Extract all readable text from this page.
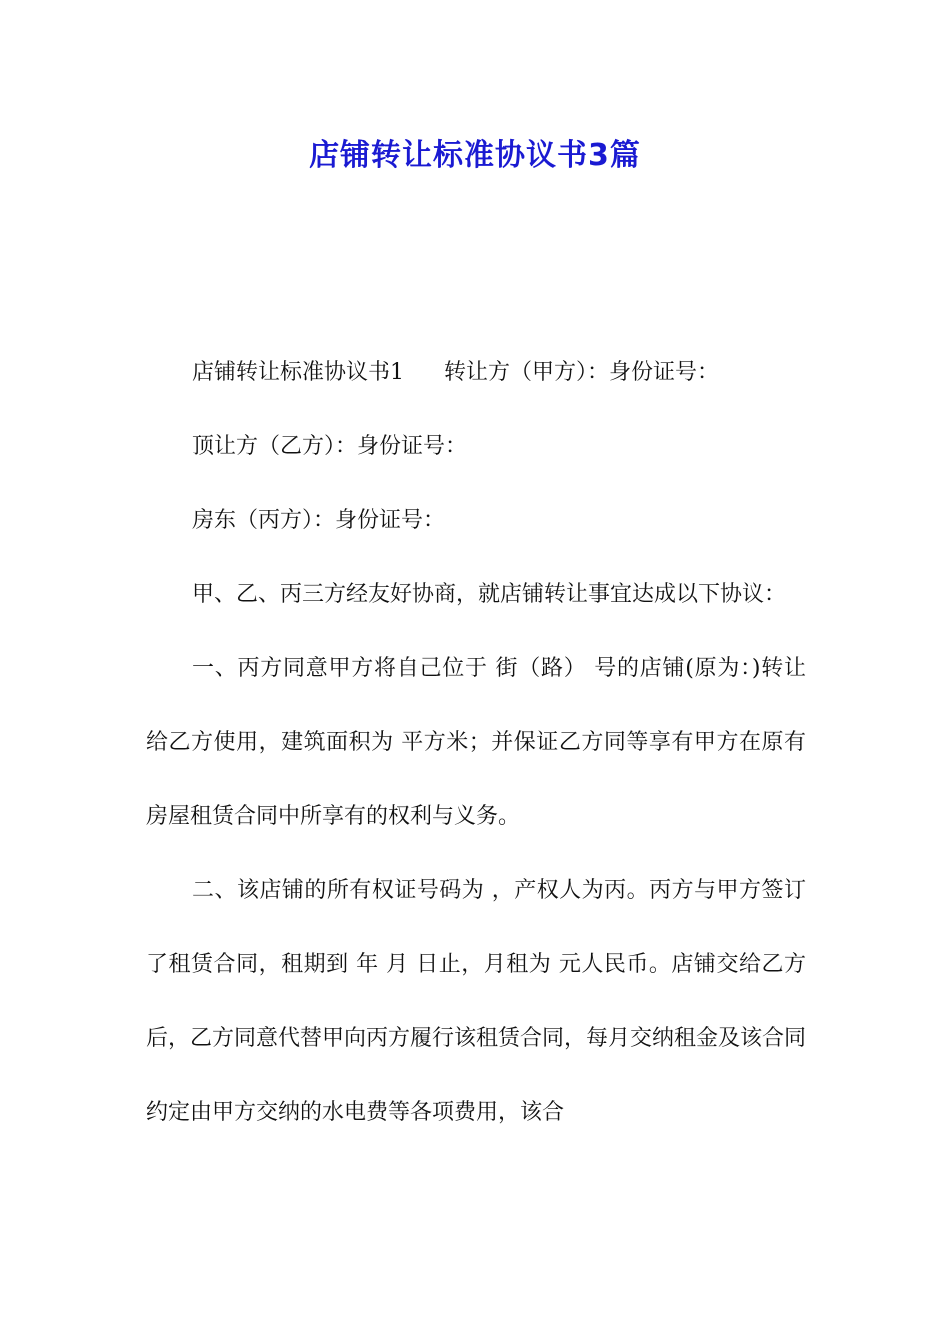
店铺转让标准协议书3篇

店铺转让标准协议书1 转让方（甲方）：身份证号：

顶让方（乙方）：身份证号：

房东（丙方）：身份证号：

甲、乙、丙三方经友好协商，就店铺转让事宜达成以下协议：

一、丙方同意甲方将自己位于 街（路） 号的店铺(原为：)转让给乙方使用，建筑面积为 平方米；并保证乙方同等享有甲方在原有房屋租赁合同中所享有的权利与义务。

二、该店铺的所有权证号码为 ，产权人为丙。丙方与甲方签订了租赁合同，租期到 年 月 日止，月租为 元人民币。店铺交给乙方后，乙方同意代替甲向丙方履行该租赁合同，每月交纳租金及该合同约定由甲方交纳的水电费等各项费用，该合
